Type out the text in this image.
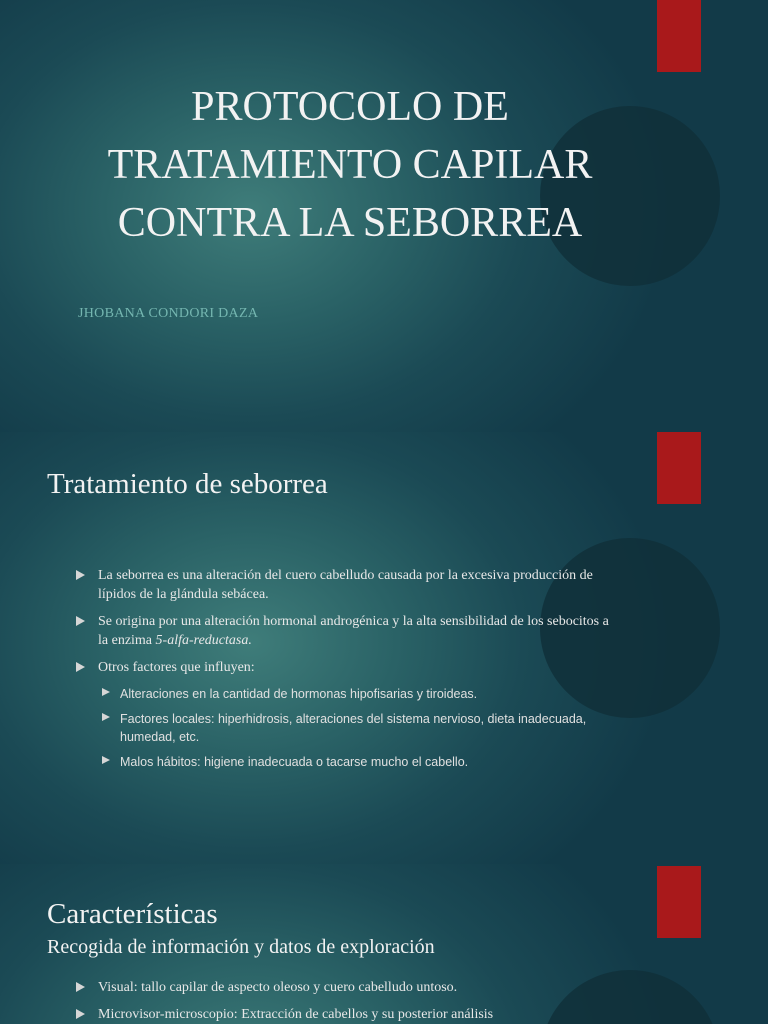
PROTOCOLO DE TRATAMIENTO CAPILAR CONTRA LA SEBORREA
JHOBANA CONDORI DAZA
Tratamiento de seborrea
La seborrea es una alteración del cuero cabelludo causada por la excesiva producción de lípidos de la glándula sebácea.
Se origina por una alteración hormonal androgénica y la alta sensibilidad de los sebocitos a la enzima 5-alfa-reductasa.
Otros factores que influyen:
Alteraciones en la cantidad de hormonas hipofisarias y tiroideas.
Factores locales: hiperhidrosis, alteraciones del sistema nervioso, dieta inadecuada, humedad, etc.
Malos hábitos: higiene inadecuada o tacarse mucho el cabello.
Características
Recogida de información y datos de exploración
Visual: tallo capilar de aspecto oleoso y cuero cabelludo untoso.
Microvisor-microscopio: Extracción de cabellos y su posterior análisis
